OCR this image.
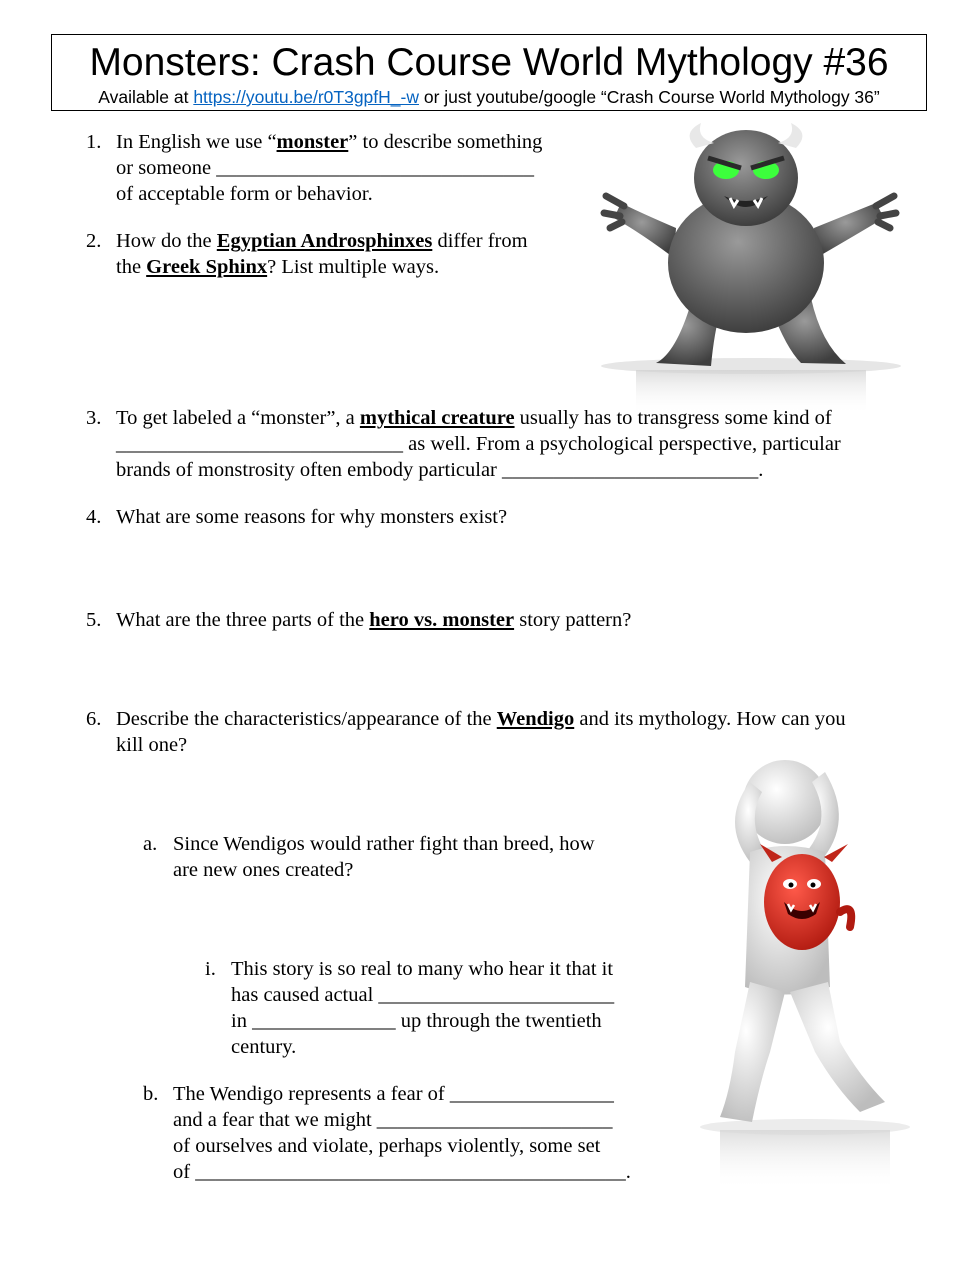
Monsters: Crash Course World Mythology #36
Available at https://youtu.be/r0T3gpfH_-w or just youtube/google “Crash Course World Mythology 36”
1. In English we use “monster” to describe something
or someone _______________________________
of acceptable form or behavior.
2. How do the Egyptian Androsphinxes differ from
the Greek Sphinx? List multiple ways.
3. To get labeled a “monster”, a mythical creature usually has to transgress some kind of
____________________________ as well. From a psychological perspective, particular
brands of monstrosity often embody particular _________________________.
4. What are some reasons for why monsters exist?
5. What are the three parts of the hero vs. monster story pattern?
6. Describe the characteristics/appearance of the Wendigo and its mythology. How can you
kill one?
a. Since Wendigos would rather fight than breed, how
are new ones created?
i. This story is so real to many who hear it that it
has caused actual _______________________
in ______________ up through the twentieth
century.
b. The Wendigo represents a fear of ________________
and a fear that we might _______________________
of ourselves and violate, perhaps violently, some set
of __________________________________________.
